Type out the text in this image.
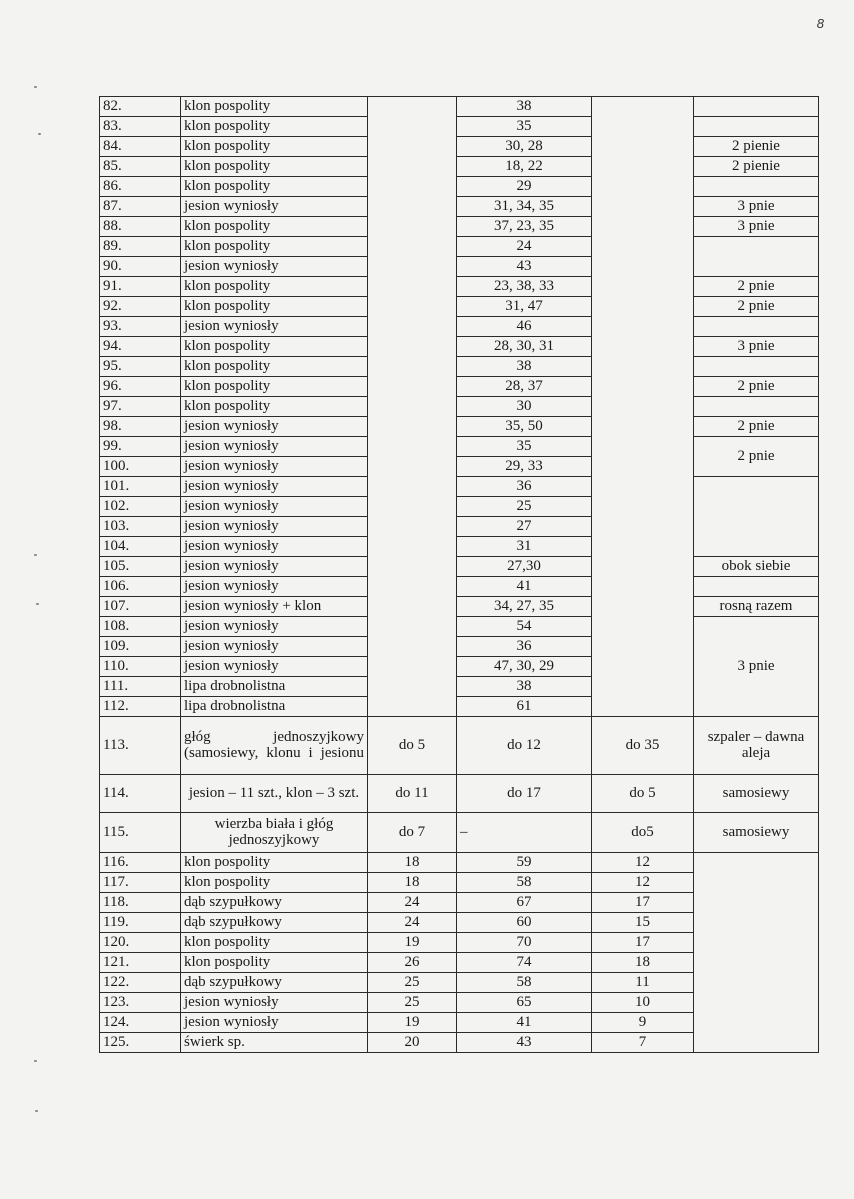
8
82.	klon pospolity		38		
83.	klon pospolity		35		
84.	klon pospolity		30, 28		2 pienie
85.	klon pospolity		18, 22		2 pienie
86.	klon pospolity		29		
87.	jesion wyniosły		31, 34, 35		3 pnie
88.	klon pospolity		37, 23, 35		3 pnie
89.	klon pospolity		24		
90.	jesion wyniosły		43		
91.	klon pospolity		23, 38, 33		2 pnie
92.	klon pospolity		31, 47		2 pnie
93.	jesion wyniosły		46		
94.	klon pospolity		28, 30, 31		3 pnie
95.	klon pospolity		38		
96.	klon pospolity		28, 37		2 pnie
97.	klon pospolity		30		
98.	jesion wyniosły		35, 50		2 pnie
99.	jesion wyniosły		35		2 pnie
100.	jesion wyniosły		29, 33		
101.	jesion wyniosły		36		
102.	jesion wyniosły		25		
103.	jesion wyniosły		27		
104.	jesion wyniosły		31		
105.	jesion wyniosły		27,30		obok siebie
106.	jesion wyniosły		41		
107.	jesion wyniosły + klon		34, 27, 35		rosną razem
108.	jesion wyniosły		54		3 pnie
109.	jesion wyniosły		36		
110.	jesion wyniosły		47, 30, 29		
111.	lipa drobnolistna		38		
112.	lipa drobnolistna		61		
113.	głóg jednoszyjkowy (samosiewy, klonu i jesionu	do 5	do 12	do 35	szpaler – dawna aleja
114.	jesion – 11 szt., klon – 3 szt.	do 11	do 17	do 5	samosiewy
115.	wierzba biała i głóg jednoszyjkowy	do 7	–	do5	samosiewy
116.	klon pospolity	18	59	12	
117.	klon pospolity	18	58	12	
118.	dąb szypułkowy	24	67	17	
119.	dąb szypułkowy	24	60	15	
120.	klon pospolity	19	70	17	
121.	klon pospolity	26	74	18	
122.	dąb szypułkowy	25	58	11	
123.	jesion wyniosły	25	65	10	
124.	jesion wyniosły	19	41	9	
125.	świerk sp.	20	43	7	
